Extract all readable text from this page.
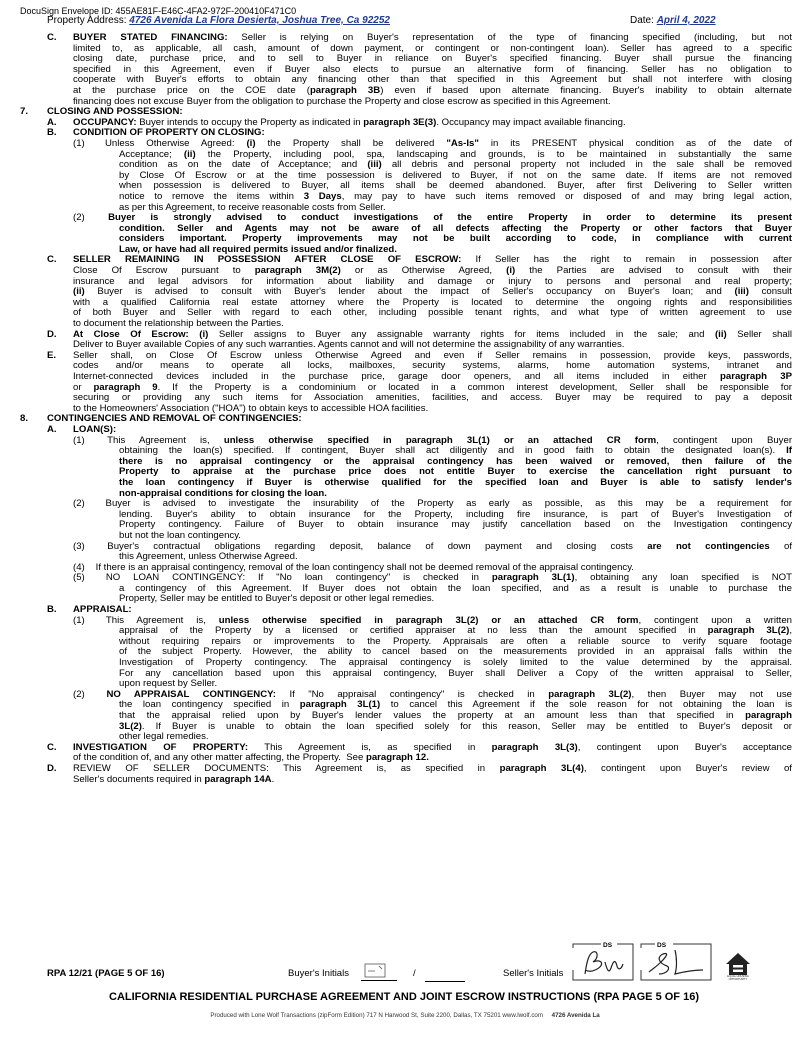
DocuSign Envelope ID: 455AE81F-E46C-4FA2-972F-200410F471C0
Property Address: 4726 Avenida La Flora Desierta, Joshua Tree, Ca 92252	Date: April 4, 2022
C.	BUYER STATED FINANCING: Seller is relying on Buyer's representation of the type of financing specified (including, but not
limited to, as applicable, all cash, amount of down payment, or contingent or non-contingent loan). Seller has agreed to a specific
closing date, purchase price, and to sell to Buyer in reliance on Buyer's specified financing. Buyer shall pursue the financing
specified in this Agreement, even if Buyer also elects to pursue an alternative form of financing. Seller has no obligation to
cooperate with Buyer's efforts to obtain any financing other than that specified in this Agreement but shall not interfere with closing
at the purchase price on the COE date (paragraph 3B) even if based upon alternate financing. Buyer's inability to obtain alternate
financing does not excuse Buyer from the obligation to purchase the Property and close escrow as specified in this Agreement.
7.	CLOSING AND POSSESSION:
A.	OCCUPANCY: Buyer intends to occupy the Property as indicated in paragraph 3E(3). Occupancy may impact available financing.
B.	CONDITION OF PROPERTY ON CLOSING:
(1) Unless Otherwise Agreed: (i) the Property shall be delivered "As-Is" in its PRESENT physical condition as of the date of
Acceptance; (ii) the Property, including pool, spa, landscaping and grounds, is to be maintained in substantially the same
condition as on the date of Acceptance; and (iii) all debris and personal property not included in the sale shall be removed
by Close Of Escrow or at the time possession is delivered to Buyer, if not on the same date. If items are not removed
when possession is delivered to Buyer, all items shall be deemed abandoned. Buyer, after first Delivering to Seller written
notice to remove the items within 3 Days, may pay to have such items removed or disposed of and may bring legal action,
as per this Agreement, to receive reasonable costs from Seller.
(2)	Buyer is strongly advised to conduct investigations of the entire Property in order to determine its present
condition. Seller and Agents may not be aware of all defects affecting the Property or other factors that Buyer
considers important. Property improvements may not be built according to code, in compliance with current
Law, or have had all required permits issued and/or finalized.
C.	SELLER REMAINING IN POSSESSION AFTER CLOSE OF ESCROW: If Seller has the right to remain in possession after
Close Of Escrow pursuant to paragraph 3M(2) or as Otherwise Agreed, (i) the Parties are advised to consult with their
insurance and legal advisors for information about liability and damage or injury to persons and personal and real property;
(ii) Buyer is advised to consult with Buyer's lender about the impact of Seller's occupancy on Buyer's loan; and (iii) consult
with a qualified California real estate attorney where the Property is located to determine the ongoing rights and responsibilities
of both Buyer and Seller with regard to each other, including possible tenant rights, and what type of written agreement to use
to document the relationship between the Parties.
D.	At Close Of Escrow: (i) Seller assigns to Buyer any assignable warranty rights for items included in the sale; and (ii) Seller shall
Deliver to Buyer available Copies of any such warranties. Agents cannot and will not determine the assignability of any warranties.
E.	Seller shall, on Close Of Escrow unless Otherwise Agreed and even if Seller remains in possession, provide keys, passwords,
codes and/or means to operate all locks, mailboxes, security systems, alarms, home automation systems, intranet and
Internet-connected devices included in the purchase price, garage door openers, and all items included in either paragraph 3P
or paragraph 9. If the Property is a condominium or located in a common interest development, Seller shall be responsible for
securing or providing any such items for Association amenities, facilities, and access. Buyer may be required to pay a deposit
to the Homeowners' Association ("HOA") to obtain keys to accessible HOA facilities.
8.	CONTINGENCIES AND REMOVAL OF CONTINGENCIES:
A.	LOAN(S):
(1) This Agreement is, unless otherwise specified in paragraph 3L(1) or an attached CR form, contingent upon Buyer
obtaining the loan(s) specified. If contingent, Buyer shall act diligently and in good faith to obtain the designated loan(s). If
there is no appraisal contingency or the appraisal contingency has been waived or removed, then failure of the
Property to appraise at the purchase price does not entitle Buyer to exercise the cancellation right pursuant to
the loan contingency if Buyer is otherwise qualified for the specified loan and Buyer is able to satisfy lender's
non-appraisal conditions for closing the loan.
(2) Buyer is advised to investigate the insurability of the Property as early as possible, as this may be a requirement for
lending. Buyer's ability to obtain insurance for the Property, including fire insurance, is part of Buyer's Investigation of
Property contingency. Failure of Buyer to obtain insurance may justify cancellation based on the Investigation contingency
but not the loan contingency.
(3) Buyer's contractual obligations regarding deposit, balance of down payment and closing costs are not contingencies of
this Agreement, unless Otherwise Agreed.
(4) If there is an appraisal contingency, removal of the loan contingency shall not be deemed removal of the appraisal contingency.
(5) NO LOAN CONTINGENCY: If "No loan contingency" is checked in paragraph 3L(1), obtaining any loan specified is NOT
a contingency of this Agreement. If Buyer does not obtain the loan specified, and as a result is unable to purchase the
Property, Seller may be entitled to Buyer's deposit or other legal remedies.
B.	APPRAISAL:
(1) This Agreement is, unless otherwise specified in paragraph 3L(2) or an attached CR form, contingent upon a written
appraisal of the Property by a licensed or certified appraiser at no less than the amount specified in paragraph 3L(2),
without requiring repairs or improvements to the Property. Appraisals are often a reliable source to verify square footage
of the subject Property. However, the ability to cancel based on the measurements provided in an appraisal falls within the
Investigation of Property contingency. The appraisal contingency is solely limited to the value determined by the appraisal.
For any cancellation based upon this appraisal contingency, Buyer shall Deliver a Copy of the written appraisal to Seller,
upon request by Seller.
(2)	NO APPRAISAL CONTINGENCY: If "No appraisal contingency" is checked in paragraph 3L(2), then Buyer may not use
the loan contingency specified in paragraph 3L(1) to cancel this Agreement if the sole reason for not obtaining the loan is
that the appraisal relied upon by Buyer's lender values the property at an amount less than that specified in paragraph
3L(2). If Buyer is unable to obtain the loan specified solely for this reason, Seller may be entitled to Buyer's deposit or
other legal remedies.
C.	INVESTIGATION OF PROPERTY: This Agreement is, as specified in paragraph 3L(3), contingent upon Buyer's acceptance
of the condition of, and any other matter affecting, the Property.  See paragraph 12.
D.	REVIEW OF SELLER DOCUMENTS: This Agreement is, as specified in paragraph 3L(4), contingent upon Buyer's review of
Seller's documents required in paragraph 14A.
RPA 12/21 (PAGE 5 OF 16)	Buyer's Initials	/	Seller's Initials
DS	DS
EQUAL HOUSING OPPORTUNITY
CALIFORNIA RESIDENTIAL PURCHASE AGREEMENT AND JOINT ESCROW INSTRUCTIONS (RPA PAGE 5 OF 16)
Produced with Lone Wolf Transactions (zipForm Edition) 717 N Harwood St, Suite 2200, Dallas, TX 75201 www.lwolf.com 4726 Avenida La
